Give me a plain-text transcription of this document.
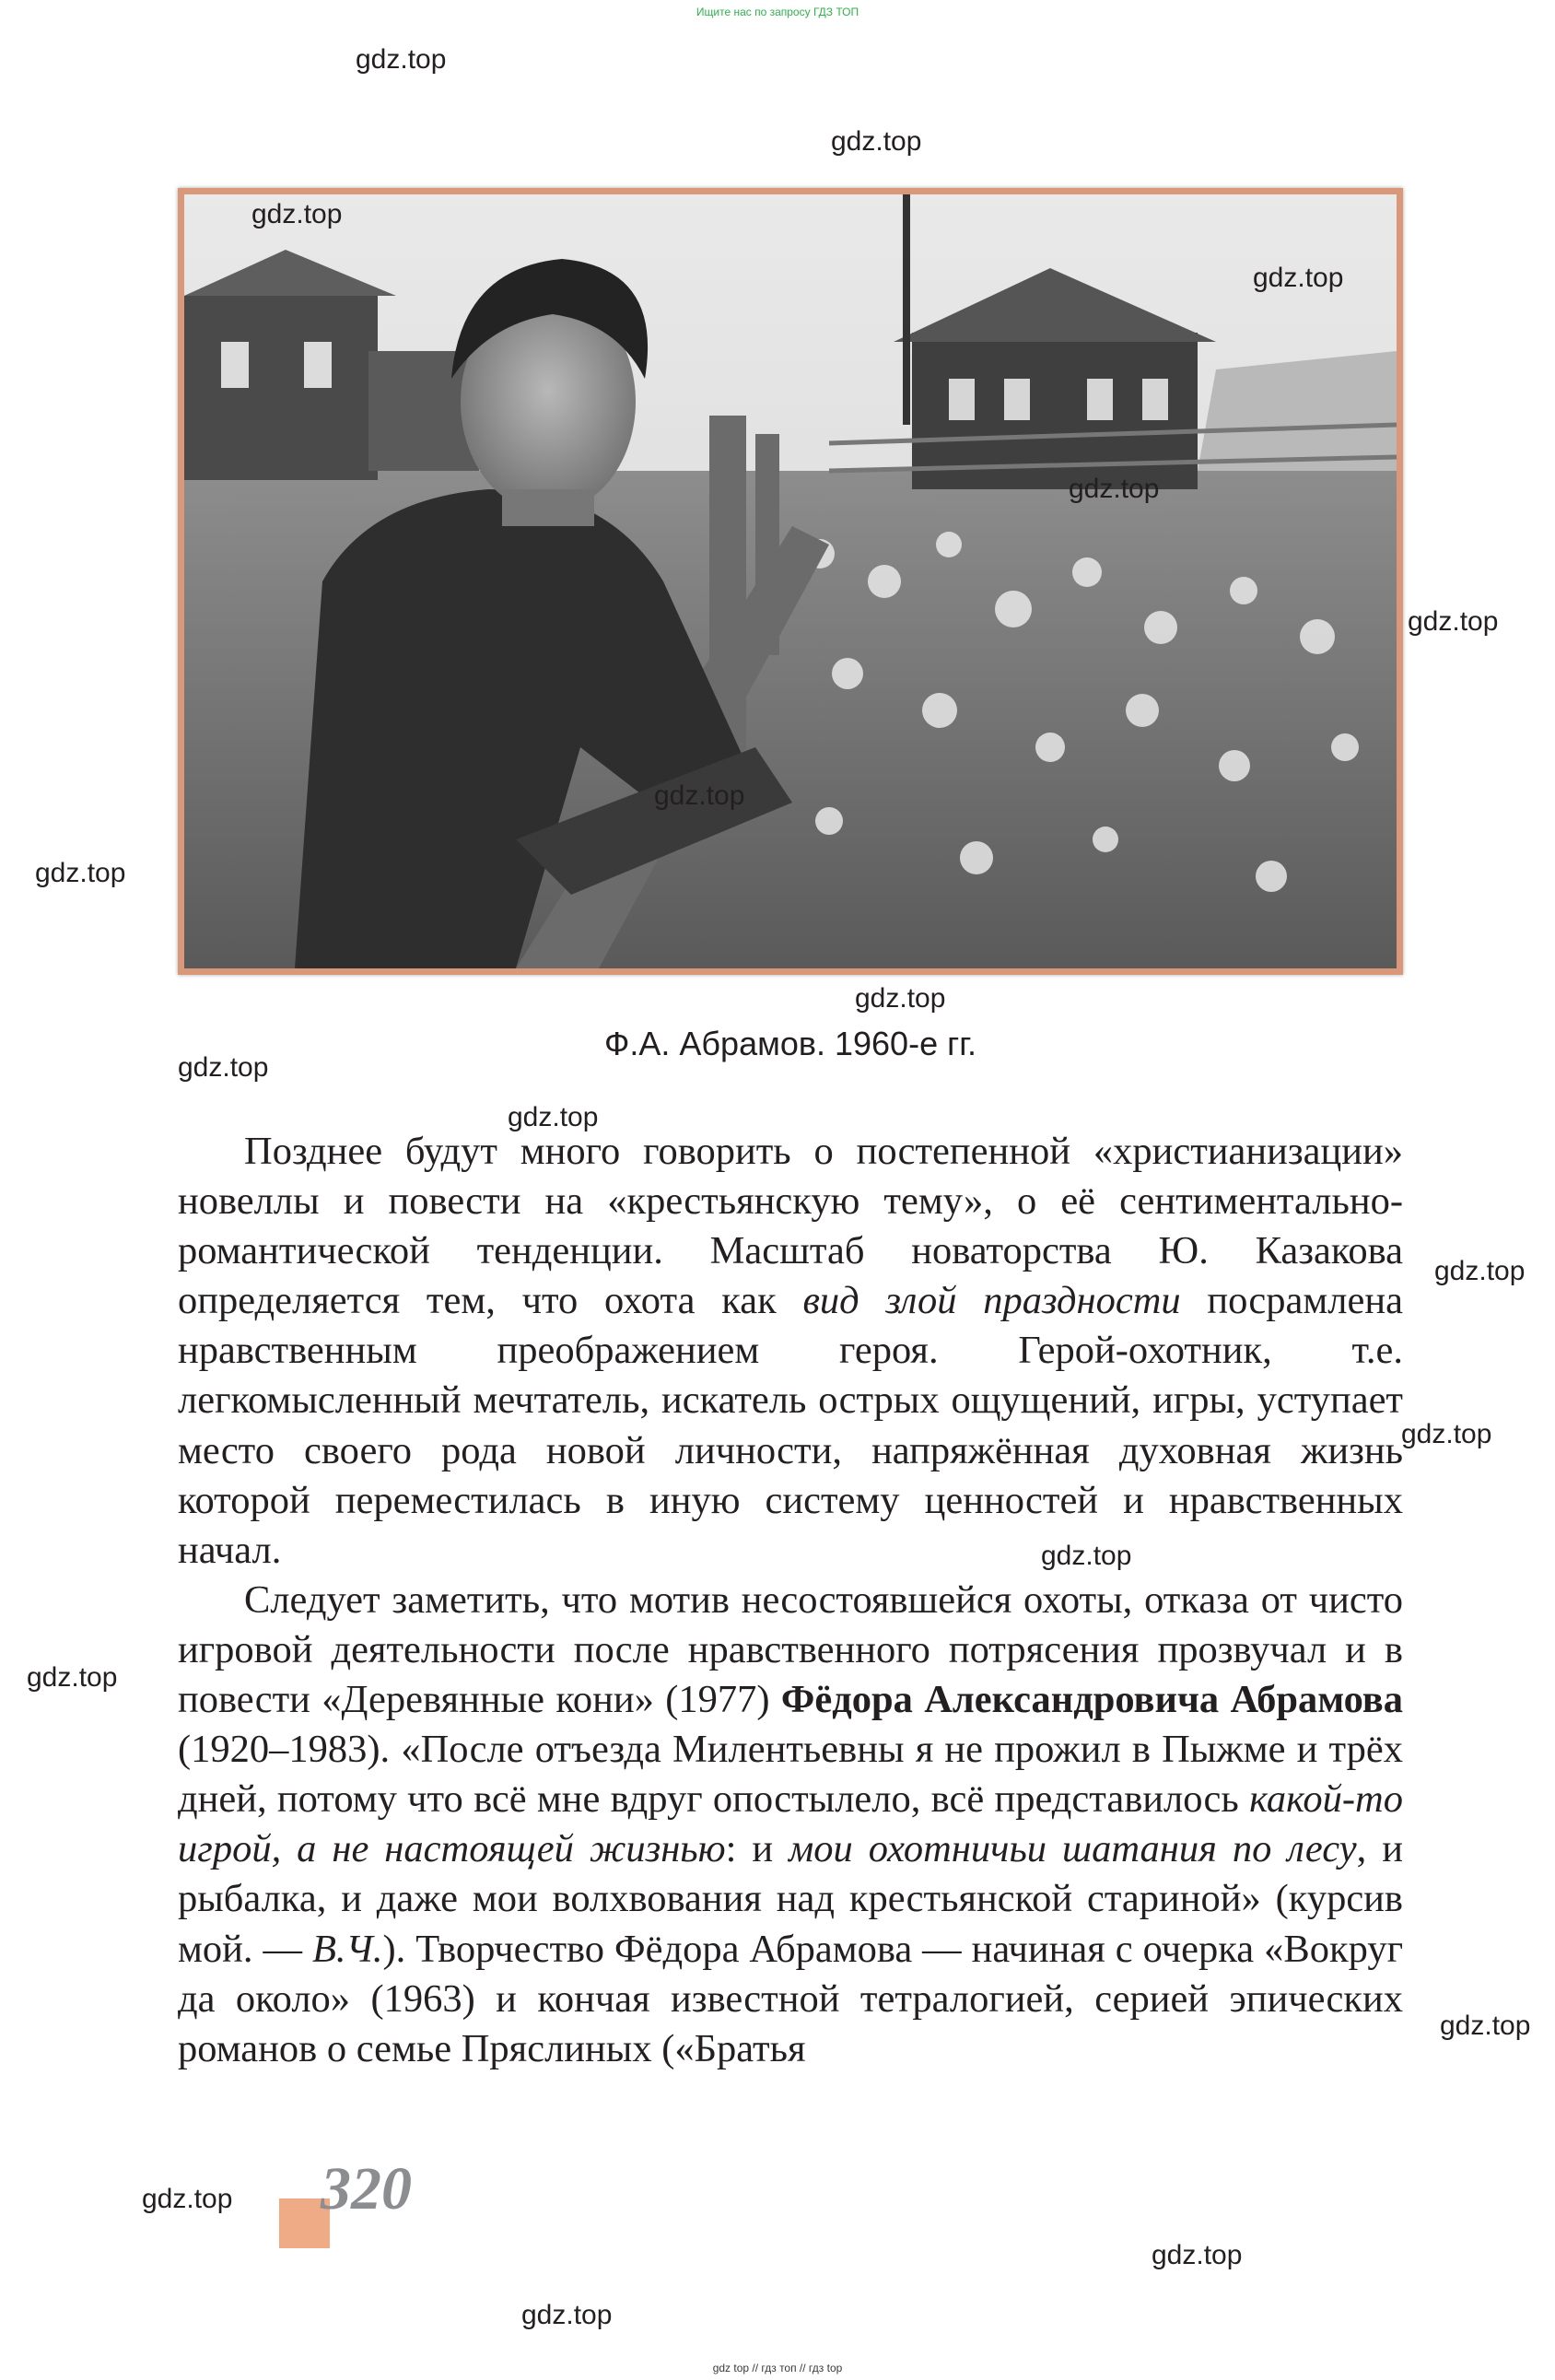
Ищите нас по запросу ГДЗ ТОП
Ф.А. Абрамов. 1960-е гг.

Позднее будут много говорить о постепенной «христианизации» новеллы и повести на «крестьянскую тему», о её сентиментально-романтической тенденции. Масштаб новаторства Ю. Казакова определяется тем, что охота как вид злой праздности посрамлена нравственным преображением героя. Герой-охотник, т.е. легкомысленный мечтатель, искатель острых ощущений, игры, уступает место своего рода новой личности, напряжённая духовная жизнь которой переместилась в иную систему ценностей и нравственных начал.

Следует заметить, что мотив несостоявшейся охоты, отказа от чисто игровой деятельности после нравственного потрясения прозвучал и в повести «Деревянные кони» (1977) Фёдора Александровича Абрамова (1920–1983). «После отъезда Милентьевны я не прожил в Пыжме и трёх дней, потому что всё мне вдруг опостылело, всё представилось какой-то игрой, а не настоящей жизнью: и мои охотничьи шатания по лесу, и рыбалка, и даже мои волхвования над крестьянской стариной» (курсив мой. — В.Ч.). Творчество Фёдора Абрамова — начиная с очерка «Вокруг да около» (1963) и кончая известной тетралогией, серией эпических романов о семье Пряслиных («Братья

320
gdz top // гдз топ // гдз top
gdz.top
gdz.top
gdz.top
gdz.top
gdz.top
gdz.top
gdz.top
gdz.top
gdz.top
gdz.top
gdz.top
gdz.top
gdz.top
gdz.top
gdz.top
gdz.top
gdz.top
gdz.top
gdz.top
